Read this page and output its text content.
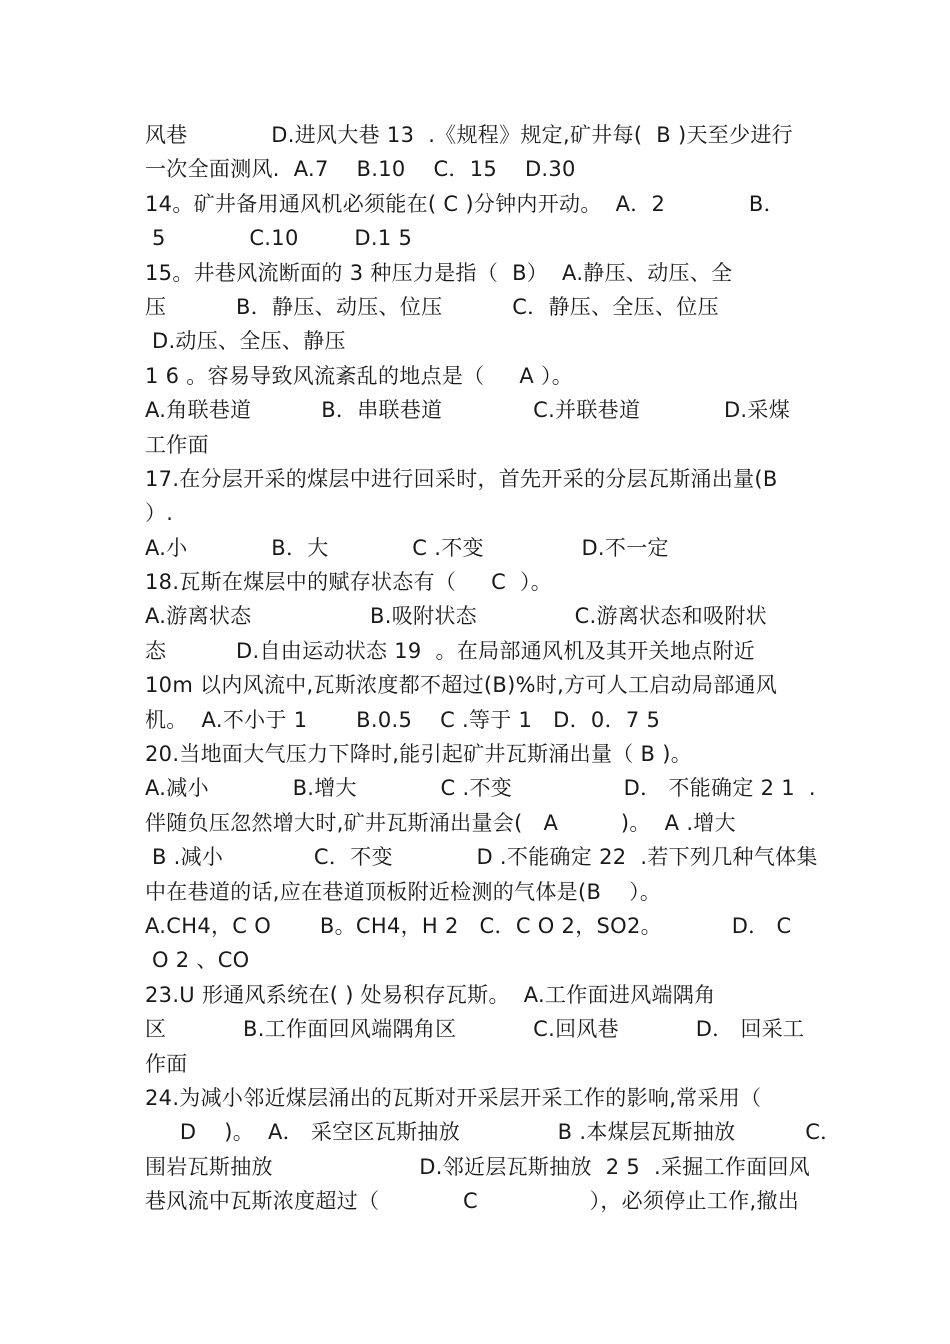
风巷            D.进风大巷 13  .《规程》规定,矿井每(  B )天至少进行
一次全面测风.  A.7    B.10    C．15    D.30
14。矿井备用通风机必须能在( C )分钟内开动。  A．2            B．
5            C.10        D.1 5
15。井巷风流断面的 3 种压力是指（  B）  A.静压、动压、全
压          B．静压、动压、位压          C．静压、全压、位压
D.动压、全压、静压
1 6 。容易导致风流紊乱的地点是（     A ）。
A.角联巷道          B．串联巷道             C.并联巷道            D.采煤
工作面
17.在分层开采的煤层中进行回采时，首先开采的分层瓦斯涌出量(B
）.
A.小            B．大            C .不变              D.不一定
18.瓦斯在煤层中的赋存状态有（     C  ）。
A.游离状态                 B.吸附状态              C.游离状态和吸附状
态          D.自由运动状态 19  。在局部通风机及其开关地点附近
10m 以内风流中,瓦斯浓度都不超过(B)%时,方可人工启动局部通风
机。  A.不小于 1       B.0.5    C .等于 1   D．0．7 5
20.当地面大气压力下降时,能引起矿井瓦斯涌出量（ B )。
A.减小            B.增大            C .不变                D． 不能确定 2 1  .
伴随负压忽然增大时,矿井瓦斯涌出量会(   A         )。  A .增大
B .减小             C．不变            D .不能确定 22  .若下列几种气体集
中在巷道的话,应在巷道顶板附近检测的气体是(B    ）。
A.CH4，C O       B。CH4，H 2   C．C O 2，SO2。          D． C
O 2 、CO
23.U 形通风系统在( ) 处易积存瓦斯。  A.工作面进风端隅角
区           B.工作面回风端隅角区           C.回风巷           D． 回采工
作面
24.为减小邻近煤层涌出的瓦斯对开采层开采工作的影响,常采用（
D    )。  A． 采空区瓦斯抽放              B .本煤层瓦斯抽放          C．
围岩瓦斯抽放                     D.邻近层瓦斯抽放  2 5  .采掘工作面回风
巷风流中瓦斯浓度超过（            C                ），必须停止工作,撤出
